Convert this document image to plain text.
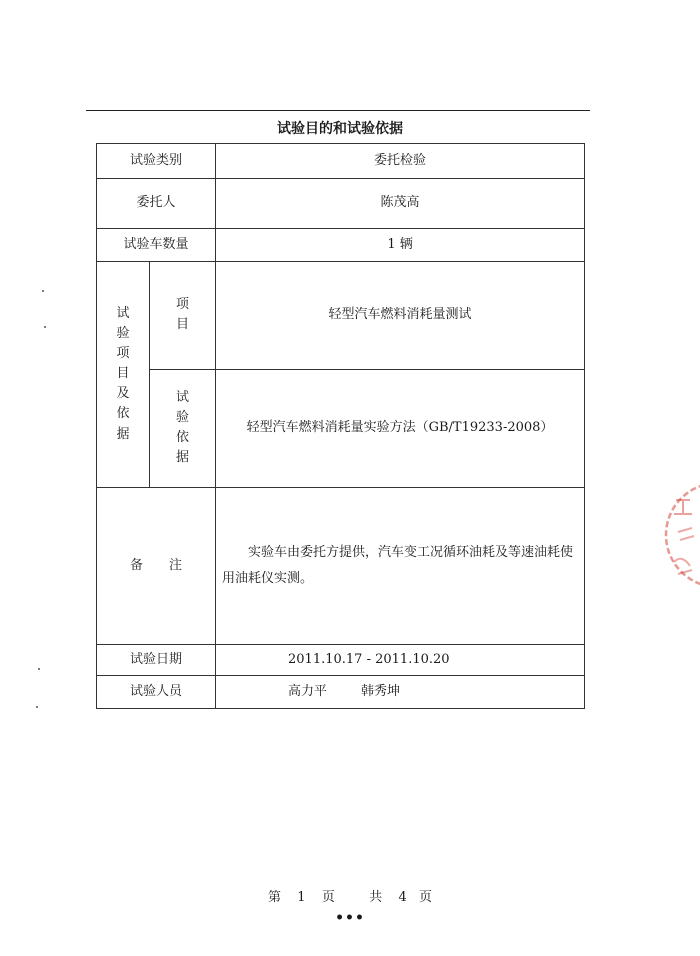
试验目的和试验依据
试验类别		委托检验
委托人		陈茂高
试验车数量		1 辆
试验项目及依据	项目	轻型汽车燃料消耗量测试
	试验依据	轻型汽车燃料消耗量实验方法（GB/T19233-2008）
备　　注		实验车由委托方提供，汽车变工况循环油耗及等速油耗使用油耗仪实测。
试验日期		2011.10.17 - 2011.10.20
试验人员		高力平 韩秀坤
第 1 页	共 4 页
•••
